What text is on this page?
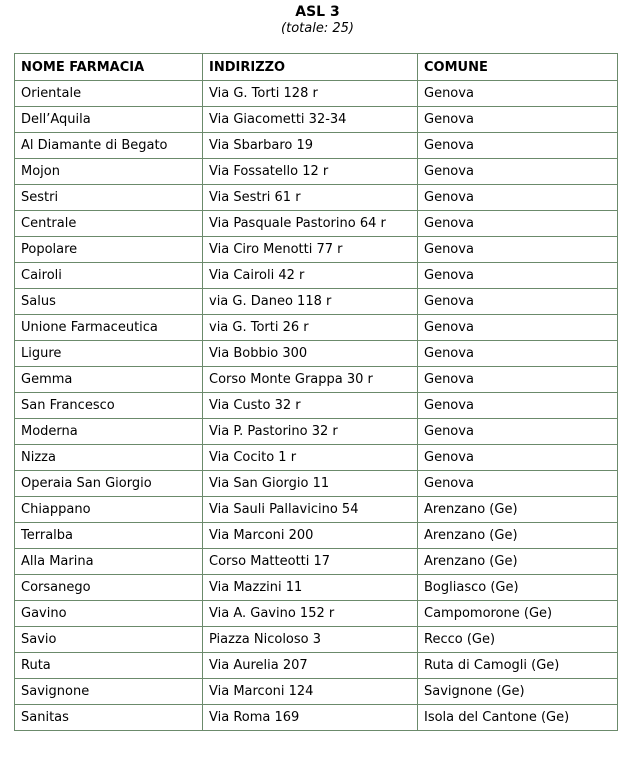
ASL 3
(totale: 25)
NOME FARMACIA	INDIRIZZO	COMUNE
Orientale	Via G. Torti 128 r	Genova
Dell’Aquila	Via Giacometti 32-34	Genova
Al Diamante di Begato	Via Sbarbaro 19	Genova
Mojon	Via Fossatello 12 r	Genova
Sestri	Via Sestri 61 r	Genova
Centrale	Via Pasquale Pastorino 64 r	Genova
Popolare	Via Ciro Menotti 77 r	Genova
Cairoli	Via Cairoli 42 r	Genova
Salus	via G. Daneo 118 r	Genova
Unione Farmaceutica	via G. Torti 26 r	Genova
Ligure	Via Bobbio 300	Genova
Gemma	Corso Monte Grappa 30 r	Genova
San Francesco	Via Custo 32 r	Genova
Moderna	Via P. Pastorino 32 r	Genova
Nizza	Via Cocito 1 r	Genova
Operaia San Giorgio	Via San Giorgio 11	Genova
Chiappano	Via Sauli Pallavicino 54	Arenzano (Ge)
Terralba	Via Marconi 200	Arenzano (Ge)
Alla Marina	Corso Matteotti 17	Arenzano (Ge)
Corsanego	Via Mazzini 11	Bogliasco (Ge)
Gavino	Via A. Gavino 152 r	Campomorone (Ge)
Savio	Piazza Nicoloso 3	Recco (Ge)
Ruta	Via Aurelia 207	Ruta di Camogli (Ge)
Savignone	Via Marconi 124	Savignone (Ge)
Sanitas	Via Roma 169	Isola del Cantone (Ge)
